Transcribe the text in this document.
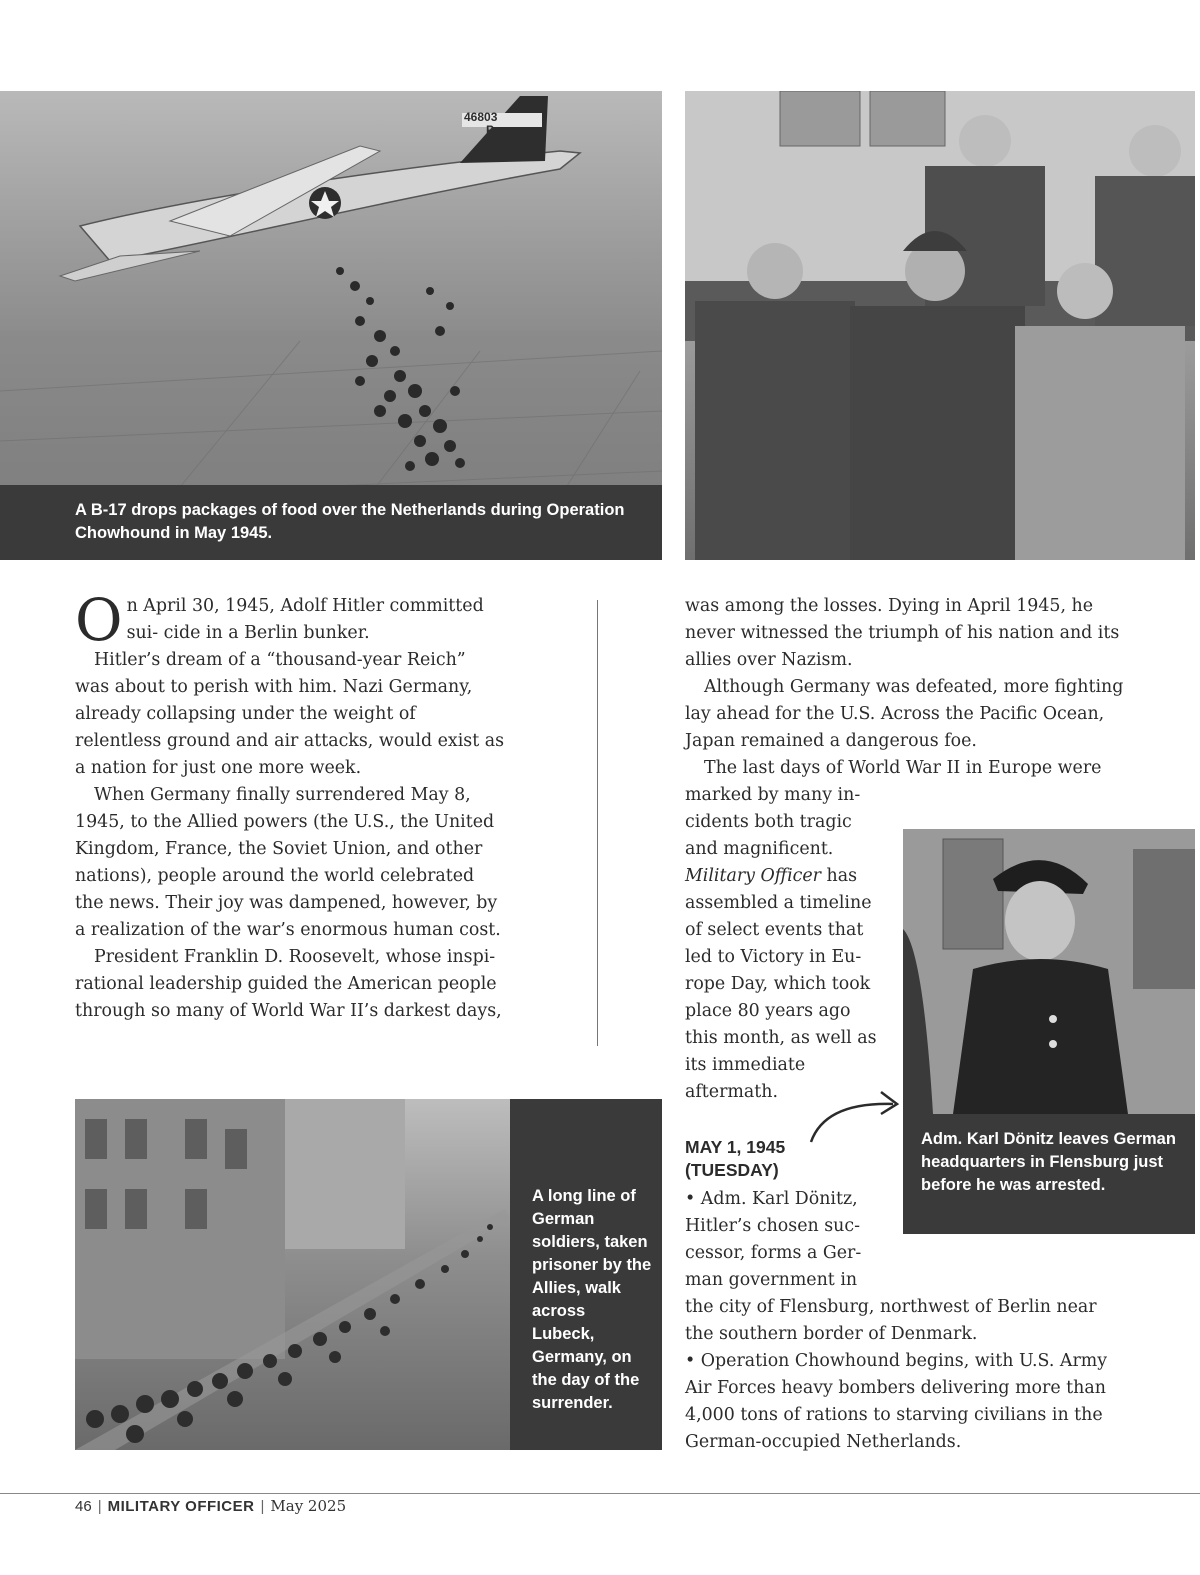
A B-17 drops packages of food over the Netherlands during Operation Chowhound in May 1945.
46803
P

O n April 30, 1945, Adolf Hitler committed sui- cide in a Berlin bunker.

Hitler’s dream of a “thousand-year Reich” was about to perish with him. Nazi Germany, already collapsing under the weight of relentless ground and air attacks, would exist as a nation for just one more week.

When Germany finally surrendered May 8, 1945, to the Allied powers (the U.S., the United Kingdom, France, the Soviet Union, and other nations), people around the world celebrated the news. Their joy was dampened, however, by a realization of the war’s enormous human cost.

President Franklin D. Roosevelt, whose inspi-rational leadership guided the American people through so many of World War II’s darkest days,

was among the losses. Dying in April 1945, he never witnessed the triumph of his nation and its allies over Nazism.

Although Germany was defeated, more fighting lay ahead for the U.S. Across the Pacific Ocean, Japan remained a dangerous foe.

The last days of World War II in Europe were

marked by many in-
cidents both tragic
and magnificent.
Military Officer has
assembled a timeline
of select events that
led to Victory in Eu-
rope Day, which took
place 80 years ago
this month, as well as
its immediate
aftermath.
Adm. Karl Dönitz leaves German headquarters in Flensburg just before he was arrested.
MAY 1, 1945
(TUESDAY)
• Adm. Karl Dönitz,
Hitler’s chosen suc-
cessor, forms a Ger-
man government in
the city of Flensburg, northwest of Berlin near the southern border of Denmark.
• Operation Chowhound begins, with U.S. Army Air Forces heavy bombers delivering more than 4,000 tons of rations to starving civilians in the German-occupied Netherlands.
A long line of German soldiers, taken prisoner by the Allies, walk across Lubeck, Germany, on the day of the surrender.
46 | MILITARY OFFICER | May 2025
